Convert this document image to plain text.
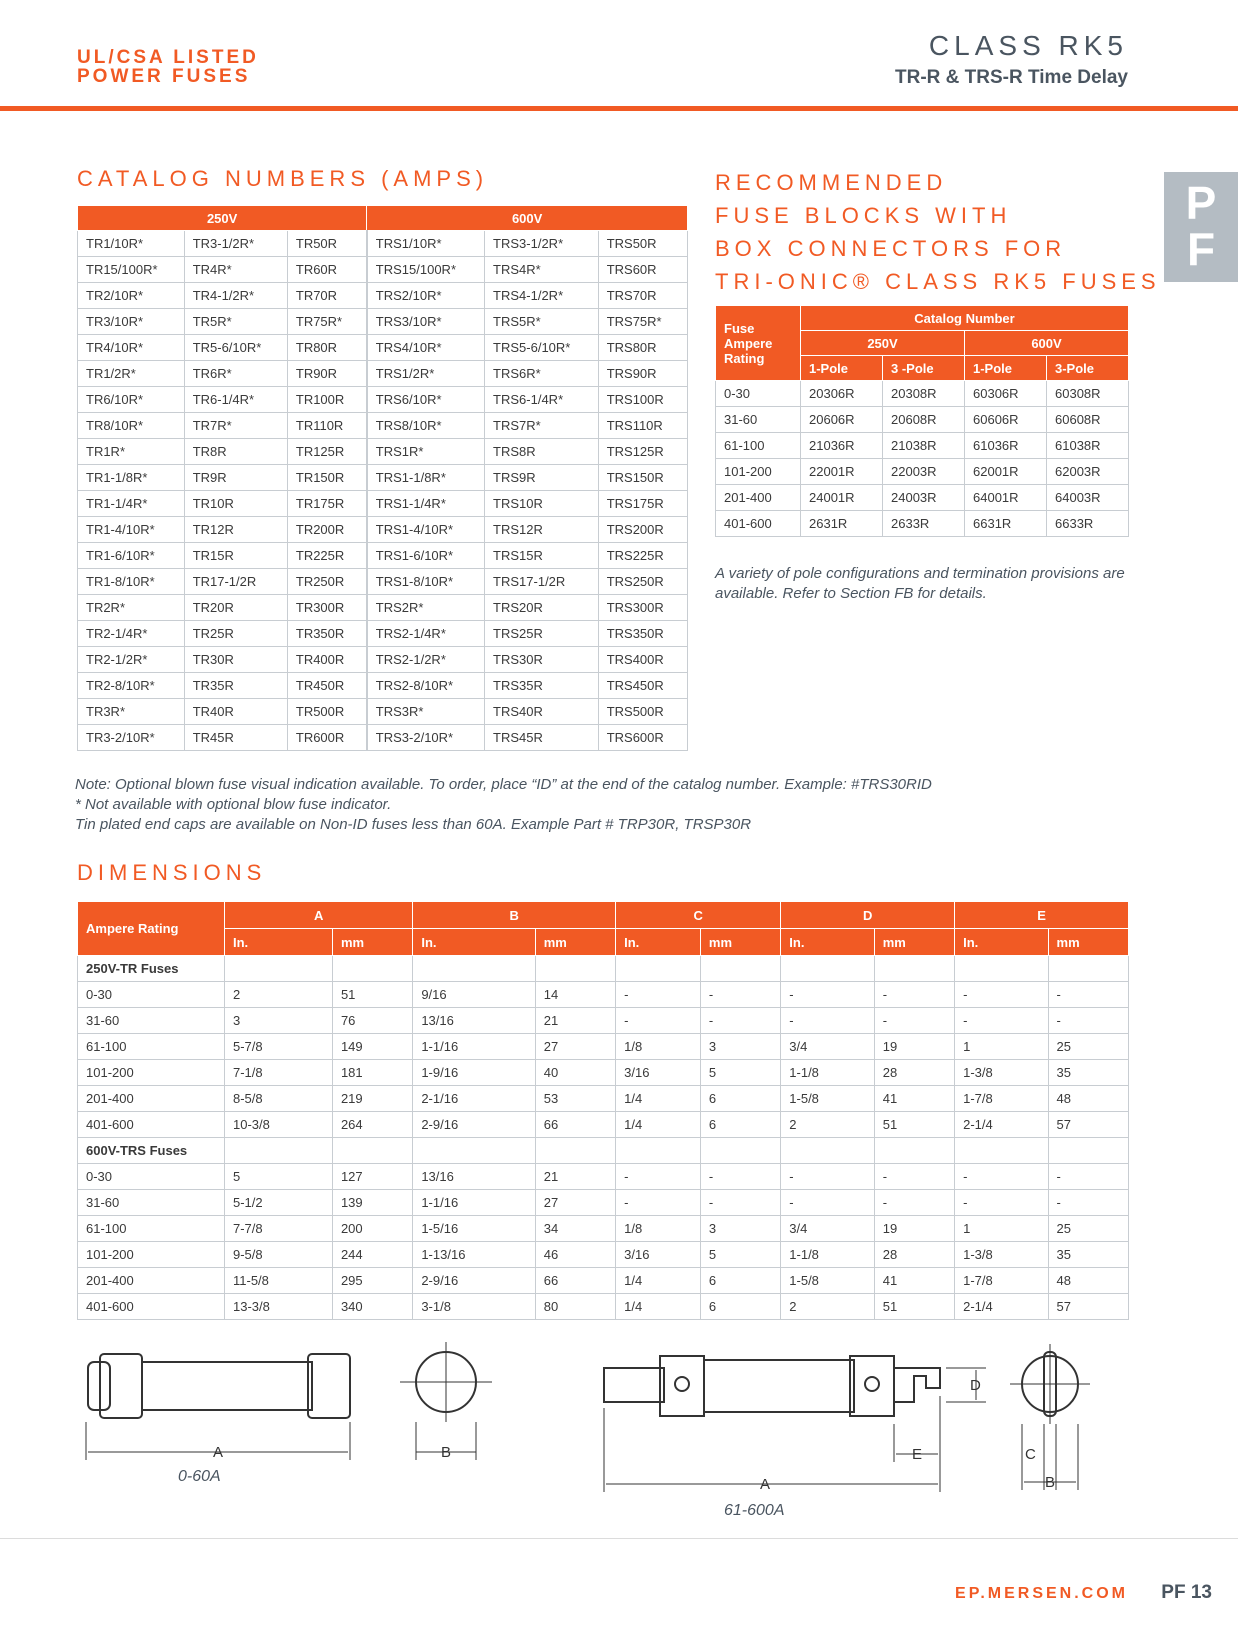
UL/CSA LISTED
POWER FUSES
CLASS RK5
TR-R & TRS-R Time Delay
P
F
CATALOG NUMBERS (AMPS)
250V			600V		
TR1/10R*	TR3-1/2R*	TR50R	TRS1/10R*	TRS3-1/2R*	TRS50R
TR15/100R*	TR4R*	TR60R	TRS15/100R*	TRS4R*	TRS60R
TR2/10R*	TR4-1/2R*	TR70R	TRS2/10R*	TRS4-1/2R*	TRS70R
TR3/10R*	TR5R*	TR75R*	TRS3/10R*	TRS5R*	TRS75R*
TR4/10R*	TR5-6/10R*	TR80R	TRS4/10R*	TRS5-6/10R*	TRS80R
TR1/2R*	TR6R*	TR90R	TRS1/2R*	TRS6R*	TRS90R
TR6/10R*	TR6-1/4R*	TR100R	TRS6/10R*	TRS6-1/4R*	TRS100R
TR8/10R*	TR7R*	TR110R	TRS8/10R*	TRS7R*	TRS110R
TR1R*	TR8R	TR125R	TRS1R*	TRS8R	TRS125R
TR1-1/8R*	TR9R	TR150R	TRS1-1/8R*	TRS9R	TRS150R
TR1-1/4R*	TR10R	TR175R	TRS1-1/4R*	TRS10R	TRS175R
TR1-4/10R*	TR12R	TR200R	TRS1-4/10R*	TRS12R	TRS200R
TR1-6/10R*	TR15R	TR225R	TRS1-6/10R*	TRS15R	TRS225R
TR1-8/10R*	TR17-1/2R	TR250R	TRS1-8/10R*	TRS17-1/2R	TRS250R
TR2R*	TR20R	TR300R	TRS2R*	TRS20R	TRS300R
TR2-1/4R*	TR25R	TR350R	TRS2-1/4R*	TRS25R	TRS350R
TR2-1/2R*	TR30R	TR400R	TRS2-1/2R*	TRS30R	TRS400R
TR2-8/10R*	TR35R	TR450R	TRS2-8/10R*	TRS35R	TRS450R
TR3R*	TR40R	TR500R	TRS3R*	TRS40R	TRS500R
TR3-2/10R*	TR45R	TR600R	TRS3-2/10R*	TRS45R	TRS600R
RECOMMENDED
FUSE BLOCKS WITH
BOX CONNECTORS FOR
TRI-ONIC® CLASS RK5 FUSES
Fuse Ampere Rating	Catalog Number			
	250V		600V	
	1-Pole	3 -Pole	1-Pole	3-Pole
0-30	20306R	20308R	60306R	60308R
31-60	20606R	20608R	60606R	60608R
61-100	21036R	21038R	61036R	61038R
101-200	22001R	22003R	62001R	62003R
201-400	24001R	24003R	64001R	64003R
401-600	2631R	2633R	6631R	6633R
A variety of pole configurations and termination provisions are available. Refer to Section FB for details.
Note: Optional blown fuse visual indication available. To order, place “ID” at the end of the catalog number. Example: #TRS30RID
* Not available with optional blow fuse indicator.
Tin plated end caps are available on Non-ID fuses less than 60A. Example Part # TRP30R, TRSP30R
DIMENSIONS
Ampere Rating	A		B		C		D		E	
	In.	mm	In.	mm	In.	mm	In.	mm	In.	mm
250V-TR Fuses										
0-30	2	51	9/16	14	-	-	-	-	-	-
31-60	3	76	13/16	21	-	-	-	-	-	-
61-100	5-7/8	149	1-1/16	27	1/8	3	3/4	19	1	25
101-200	7-1/8	181	1-9/16	40	3/16	5	1-1/8	28	1-3/8	35
201-400	8-5/8	219	2-1/16	53	1/4	6	1-5/8	41	1-7/8	48
401-600	10-3/8	264	2-9/16	66	1/4	6	2	51	2-1/4	57
600V-TRS Fuses										
0-30	5	127	13/16	21	-	-	-	-	-	-
31-60	5-1/2	139	1-1/16	27	-	-	-	-	-	-
61-100	7-7/8	200	1-5/16	34	1/8	3	3/4	19	1	25
101-200	9-5/8	244	1-13/16	46	3/16	5	1-1/8	28	1-3/8	35
201-400	11-5/8	295	2-9/16	66	1/4	6	1-5/8	41	1-7/8	48
401-600	13-3/8	340	3-1/8	80	1/4	6	2	51	2-1/4	57
A	B
A
E
D
C
B
0-60A
61-600A
EP.MERSEN.COM PF 13
